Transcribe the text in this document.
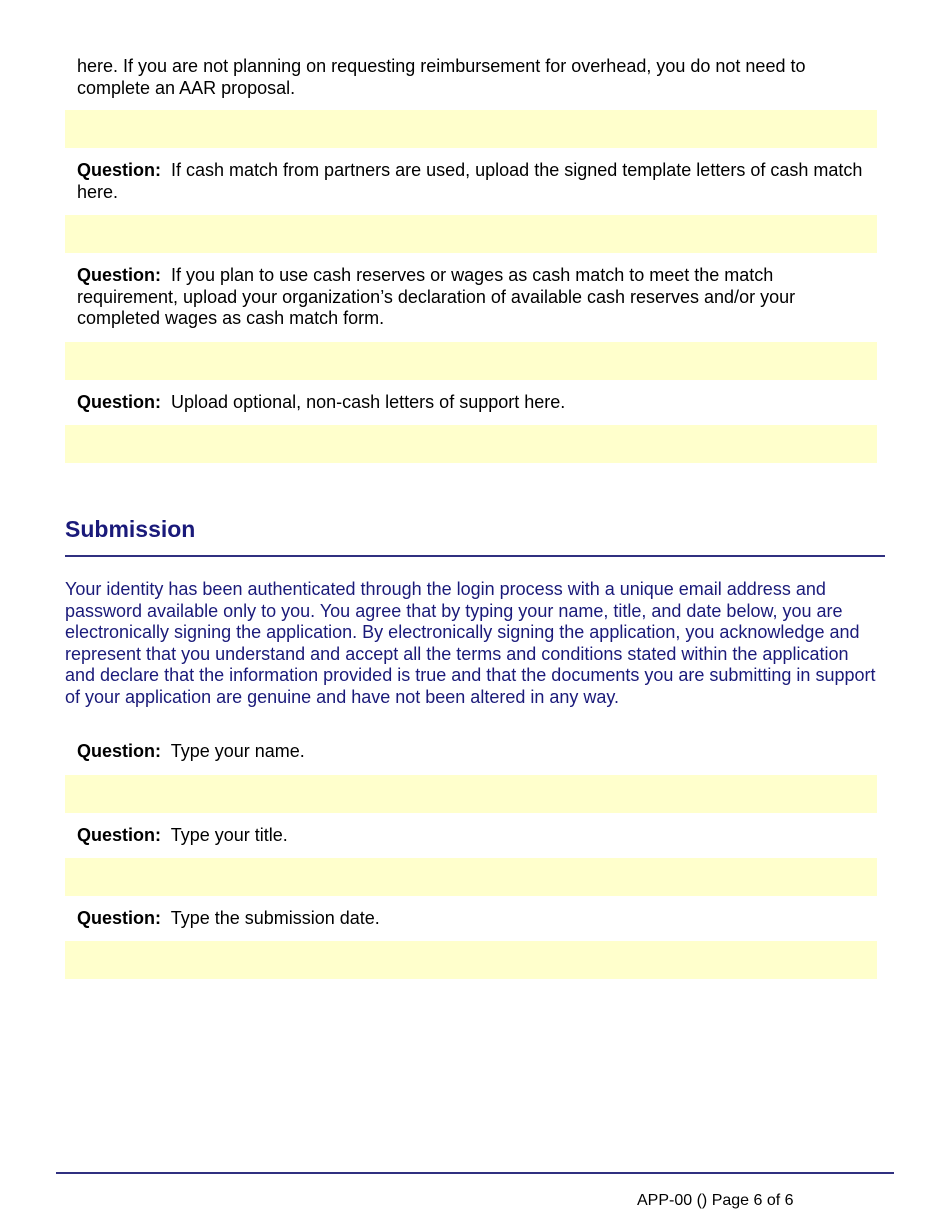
here. If you are not planning on requesting reimbursement for overhead, you do not need to complete an AAR proposal.
Question: If cash match from partners are used, upload the signed template letters of cash match here.
Question: If you plan to use cash reserves or wages as cash match to meet the match requirement, upload your organization’s declaration of available cash reserves and/or your completed wages as cash match form.
Question: Upload optional, non-cash letters of support here.
Submission
Your identity has been authenticated through the login process with a unique email address and password available only to you. You agree that by typing your name, title, and date below, you are electronically signing the application. By electronically signing the application, you acknowledge and represent that you understand and accept all the terms and conditions stated within the application and declare that the information provided is true and that the documents you are submitting in support of your application are genuine and have not been altered in any way.
Question: Type your name.
Question: Type your title.
Question: Type the submission date.
APP-00 () Page 6 of 6
